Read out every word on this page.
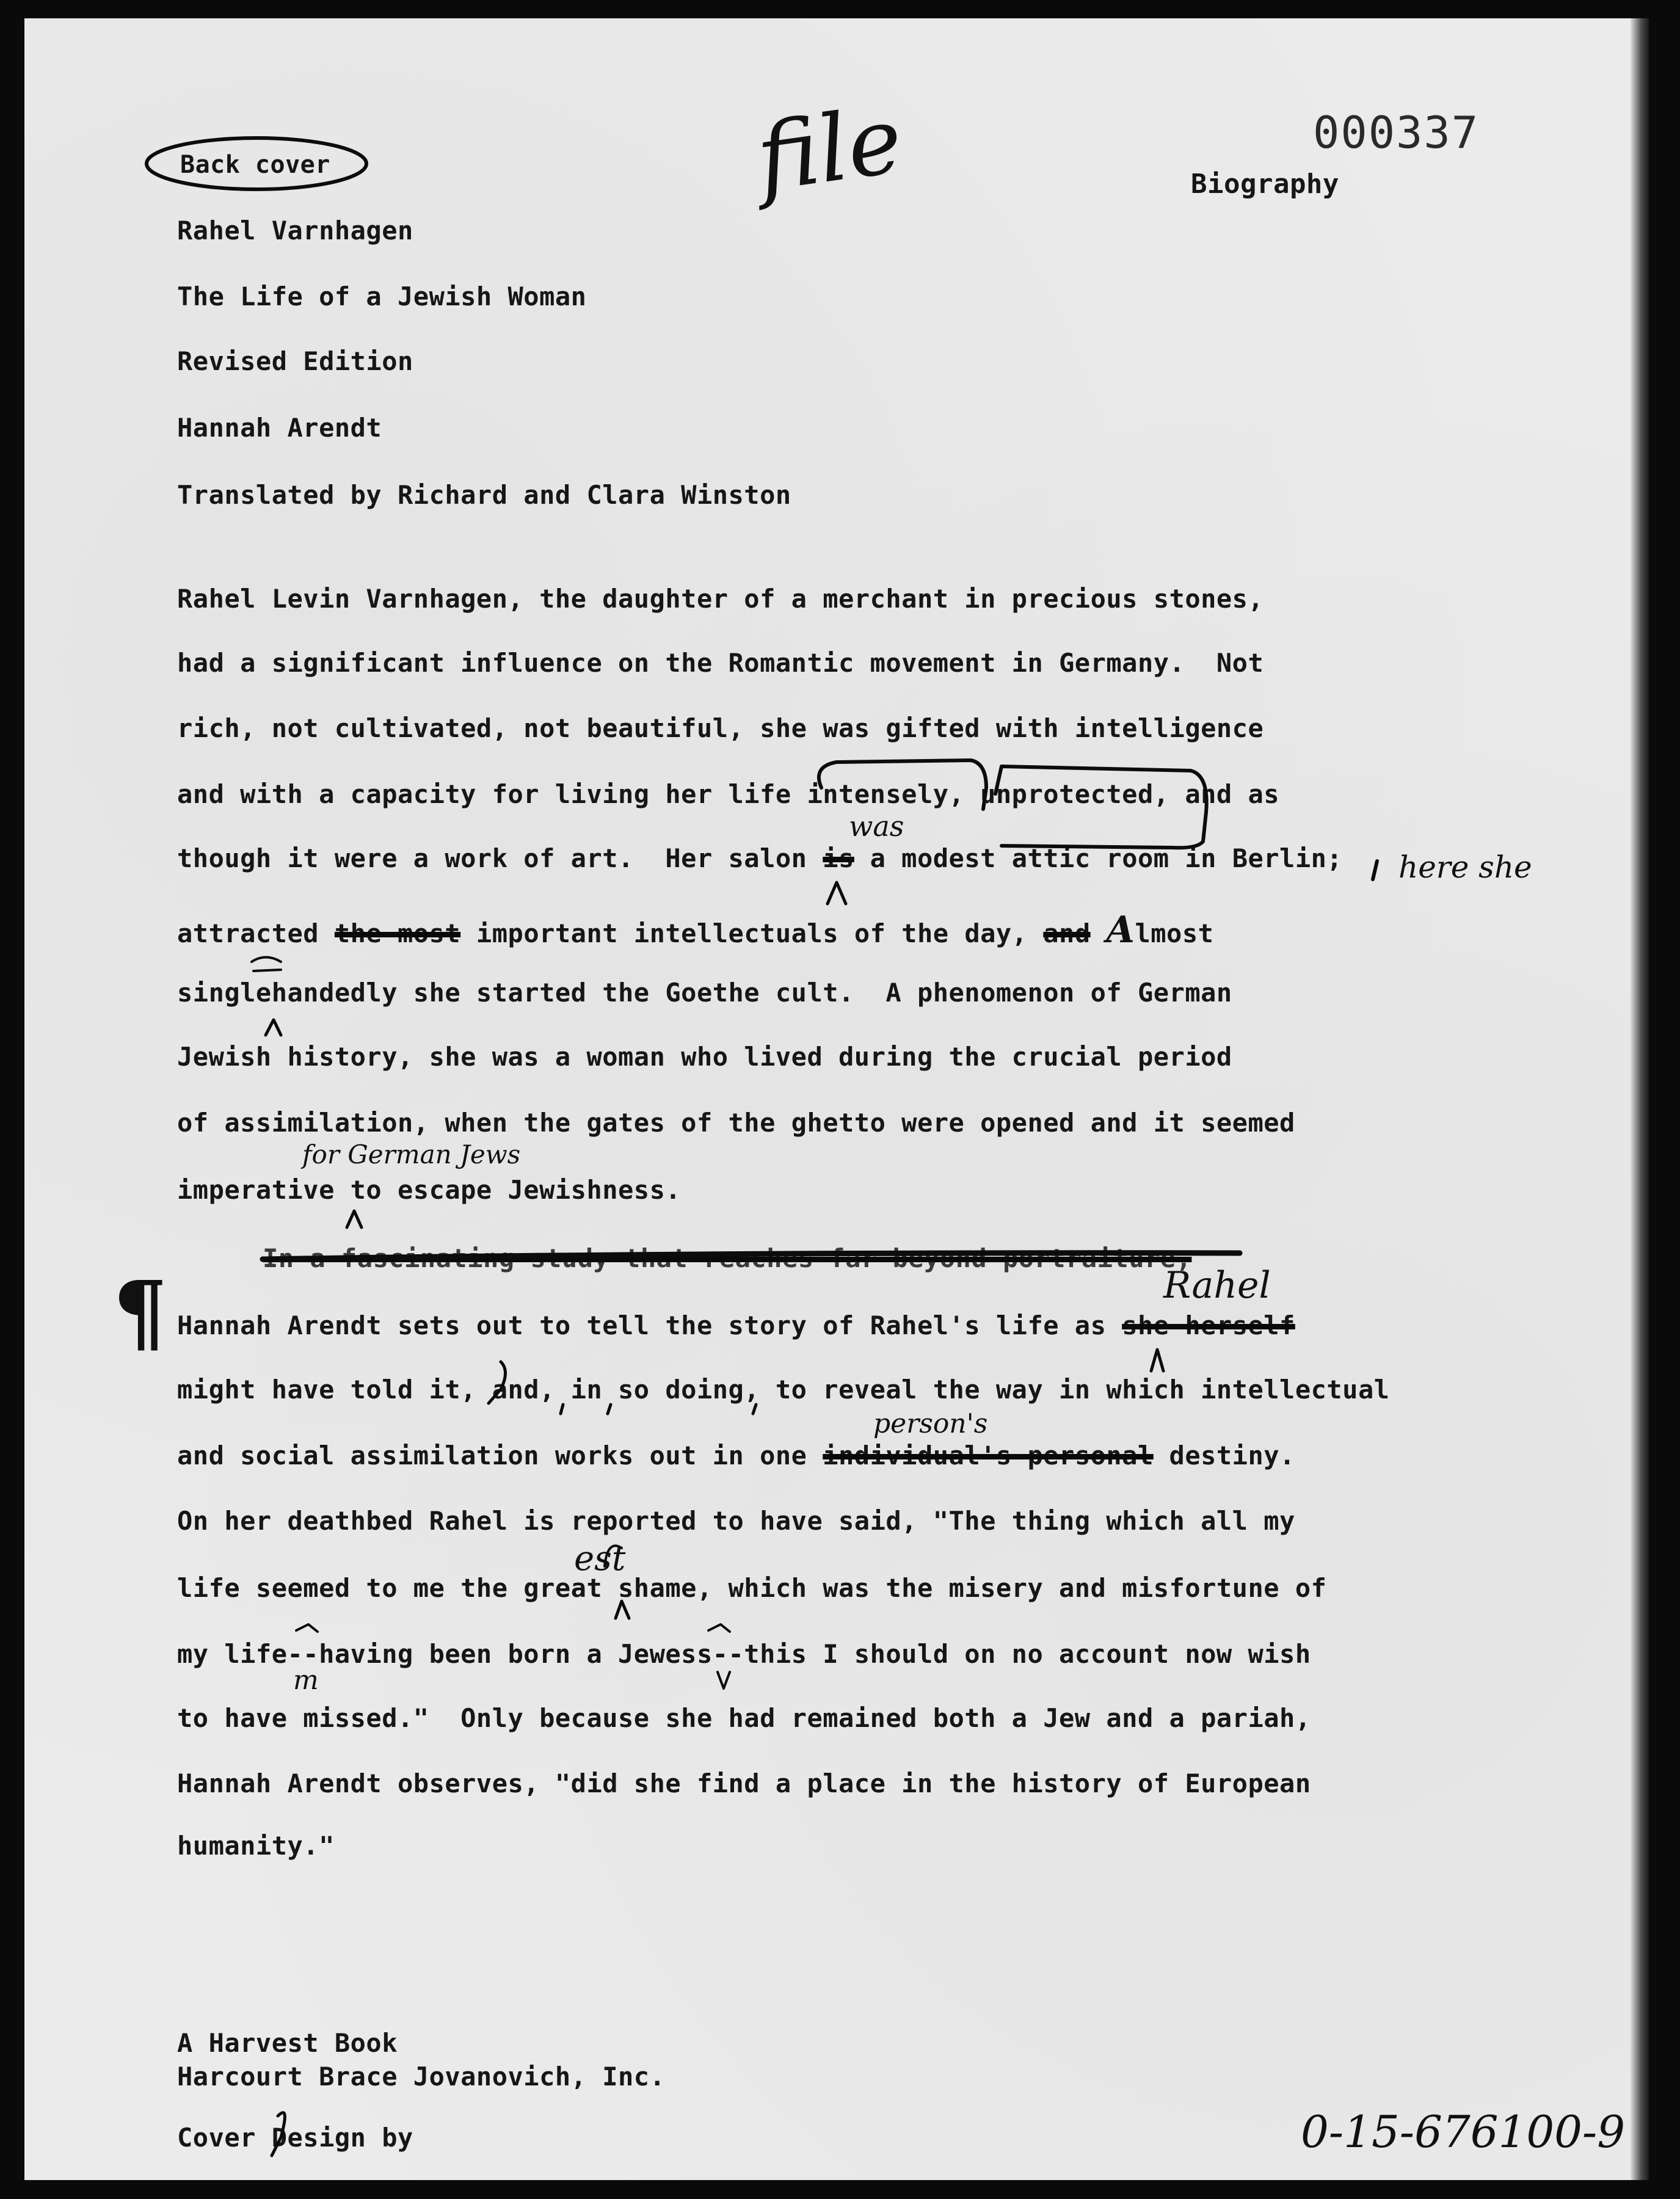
Back cover	file	000337
Biography
Rahel Varnhagen
The Life of a Jewish Woman
Revised Edition
Hannah Arendt
Translated by Richard and Clara Winston
Rahel Levin Varnhagen, the daughter of a merchant in precious stones,
had a significant influence on the Romantic movement in Germany.  Not
rich, not cultivated, not beautiful, she was gifted with intelligence
and with a capacity for living her life intensely, unprotected, and as
though it were a work of art.  Her salon is a modest attic room in Berlin;
was
here she
attracted the most important intellectuals of the day, and Almost
singlehandedly she started the Goethe cult.  A phenomenon of German
Jewish history, she was a woman who lived during the crucial period
of assimilation, when the gates of the ghetto were opened and it seemed
imperative to escape Jewishness.
for German Jews
In a fascinating study that reaches far beyond portraiture,
¶	Rahel
Hannah Arendt sets out to tell the story of Rahel's life as she herself
might have told it, and, in so doing, to reveal the way in which intellectual
person's
and social assimilation works out in one individual's personal destiny.
On her deathbed Rahel is reported to have said, "The thing which all my
est
life seemed to me the great shame, which was the misery and misfortune of
my life--having been born a Jewess--this I should on no account now wish
m
to have missed."  Only because she had remained both a Jew and a pariah,
Hannah Arendt observes, "did she find a place in the history of European
humanity."
A Harvest Book
Harcourt Brace Jovanovich, Inc.
Cover Design by	0-15-676100-9
